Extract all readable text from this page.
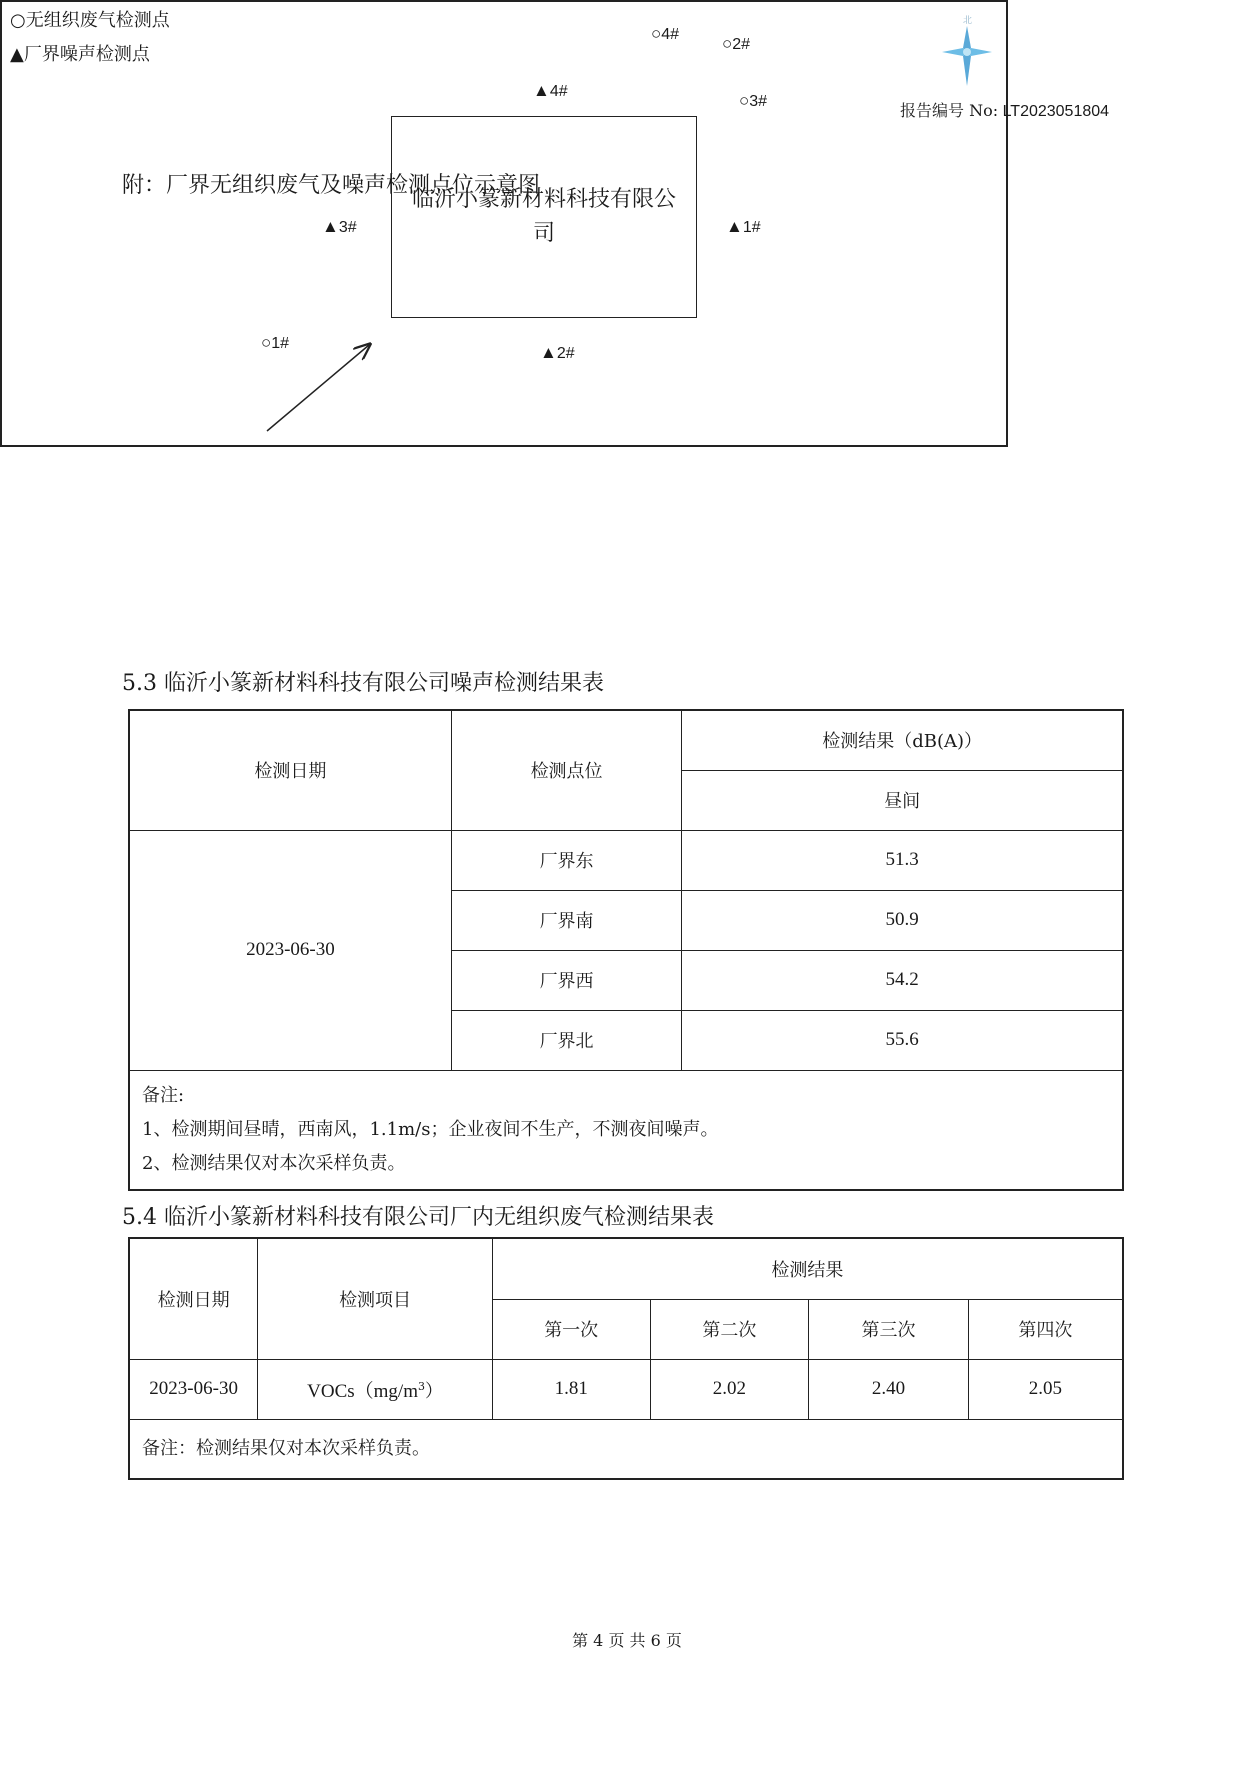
报告编号 No: LT2023051804
附：厂界无组织废气及噪声检测点位示意图
○无组织废气检测点
▲厂界噪声检测点
○4#	○2#
○3#
○1#
▲4#
▲3#	▲1#
▲2#
临沂小篆新材料科技有限公司
北
5.3 临沂小篆新材料科技有限公司噪声检测结果表
检测日期	检测点位	检测结果（dB(A)）
		昼间
2023-06-30	厂界东	51.3
	厂界南	50.9
	厂界西	54.2
	厂界北	55.6

备注:
1、检测期间昼晴，西南风，1.1m/s；企业夜间不生产，不测夜间噪声。
2、检测结果仅对本次采样负责。		
5.4 临沂小篆新材料科技有限公司厂内无组织废气检测结果表
检测日期	检测项目	检测结果			
		第一次	第二次	第三次	第四次
2023-06-30	$VOCs(mg/m^3)$	1.81	2.02	2.40	2.05
备注：检测结果仅对本次采样负责。					
第 4 页 共 6 页
